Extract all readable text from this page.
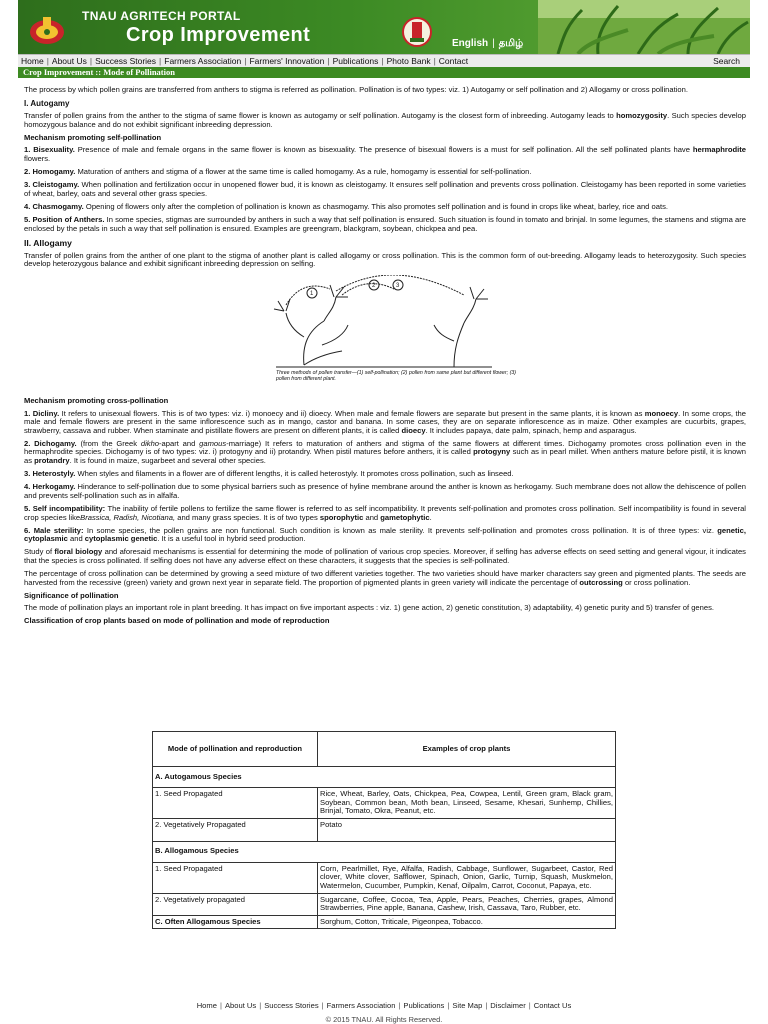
TNAU AGRITECH PORTAL
Crop Improvement	English | தமிழ்
Home | About Us | Success Stories | Farmers Association | Farmers' Innovation | Publications | Photo Bank | Contact	Search
Crop Improvement :: Mode of Pollination

The process by which pollen grains are transferred from anthers to stigma is referred as pollination. Pollination is of two types: viz. 1) Autogamy or self pollination and 2) Allogamy or cross pollination.

I. Autogamy

Transfer of pollen grains from the anther to the stigma of same flower is known as autogamy or self pollination. Autogamy is the closest form of inbreeding. Autogamy leads to homozygosity. Such species develop homozygous balance and do not exhibit significant inbreeding depression.

Mechanism promoting self-pollination

1. Bisexuality. Presence of male and female organs in the same flower is known as bisexuality. The presence of bisexual flowers is a must for self pollination. All the self pollinated plants have hermaphrodite flowers.

2. Homogamy. Maturation of anthers and stigma of a flower at the same time is called homogamy. As a rule, homogamy is essential for self-pollination.

3. Cleistogamy. When pollination and fertilization occur in unopened flower bud, it is known as cleistogamy. It ensures self pollination and prevents cross pollination. Cleistogamy has been reported in some varieties of wheat, barley, oats and several other grass species.

4. Chasmogamy. Opening of flowers only after the completion of pollination is known as chasmogamy. This also promotes self pollination and is found in crops like wheat, barley, rice and oats.

5. Position of Anthers. In some species, stigmas are surrounded by anthers in such a way that self pollination is ensured. Such situation is found in tomato and brinjal. In some legumes, the stamens and stigma are enclosed by the petals in such a way that self pollination is ensured. Examples are greengram, blackgram, soybean, chickpea and pea.

II. Allogamy

Transfer of pollen grains from the anther of one plant to the stigma of another plant is called allogamy or cross pollination. This is the common form of out-breeding. Allogamy leads to heterozygosity. Such species develop heterozygous balance and exhibit significant inbreeding depression on selfing.

1
2	3
Three methods of pollen transfer—(1) self-pollination; (2) pollen from same plant but different flower; (3) pollen from different plant.
Mechanism promoting cross-pollination

1. Dicliny. It refers to unisexual flowers. This is of two types: viz. i) monoecy and ii) dioecy. When male and female flowers are separate but present in the same plants, it is known as monoecy. In some crops, the male and female flowers are present in the same inflorescence such as in mango, castor and banana. In some cases, they are on separate inflorescence as in maize. Other examples are cucurbits, grapes, strawberry, cassava and rubber. When staminate and pistillate flowers are present on different plants, it is called dioecy. It includes papaya, date palm, spinach, hemp and asparagus.

2. Dichogamy. (from the Greek dikho-apart and gamous-marriage) It refers to maturation of anthers and stigma of the same flowers at different times. Dichogamy promotes cross pollination even in the hermaphrodite species. Dichogamy is of two types: viz. i) protogyny and ii) protandry. When pistil matures before anthers, it is called protogyny such as in pearl millet. When anthers mature before pistil, it is known as protandry. It is found in maize, sugarbeet and several other species.

3. Heterostyly. When styles and filaments in a flower are of different lengths, it is called heterostyly. It promotes cross pollination, such as linseed.

4. Herkogamy. Hinderance to self-pollination due to some physical barriers such as presence of hyline membrane around the anther is known as herkogamy. Such membrane does not allow the dehiscence of pollen and prevents self-pollination such as in alfalfa.

5. Self incompatibility: The inability of fertile pollens to fertilize the same flower is referred to as self incompatibility. It prevents self-pollination and promotes cross pollination. Self incompatibility is found in several crop species likeBrassica, Radish, Nicotiana, and many grass species. It is of two types sporophytic and gametophytic.

6. Male sterility: In some species, the pollen grains are non functional. Such condition is known as male sterility. It prevents self-pollination and promotes cross pollination. It is of three types: viz. genetic, cytoplasmic and cytoplasmic genetic. It is a useful tool in hybrid seed production.

Study of floral biology and aforesaid mechanisms is essential for determining the mode of pollination of various crop species. Moreover, if selfing has adverse effects on seed setting and general vigour, it indicates that the species is cross pollinated. If selfing does not have any adverse effect on these characters, it suggests that the species is self-pollinated.

The percentage of cross pollination can be determined by growing a seed mixture of two different varieties together. The two varieties should have marker characters say green and pigmented plants. The seeds are harvested from the recessive (green) variety and grown next year in separate field. The proportion of pigmented plants in green variety will indicate the percentage of outcrossing or cross pollination.

Significance of pollination

The mode of pollination plays an important role in plant breeding. It has impact on five important aspects : viz. 1) gene action, 2) genetic constitution, 3) adaptability, 4) genetic purity and 5) transfer of genes.

Classification of crop plants based on mode of pollination and mode of reproduction
Mode of pollination and reproduction	Examples of crop plants
A. Autogamous Species	
1. Seed Propagated	Rice, Wheat, Barley, Oats, Chickpea, Pea, Cowpea, Lentil, Green gram, Black gram, Soybean, Common bean, Moth bean, Linseed, Sesame, Khesari, Sunhemp, Chillies, Brinjal, Tomato, Okra, Peanut, etc.
2. Vegetatively Propagated	Potato
B. Allogamous Species	
1. Seed Propagated	Corn, Pearlmillet, Rye, Alfalfa, Radish, Cabbage, Sunflower, Sugarbeet, Castor, Red clover, White clover, Safflower, Spinach, Onion, Garlic, Turnip, Squash, Muskmelon, Watermelon, Cucumber, Pumpkin, Kenaf, Oilpalm, Carrot, Coconut, Papaya, etc.
2. Vegetatively propagated	Sugarcane, Coffee, Cocoa, Tea, Apple, Pears, Peaches, Cherries, grapes, Almond Strawberries, Pine apple, Banana, Cashew, Irish, Cassava, Taro, Rubber, etc.
C. Often Allogamous Species	Sorghum, Cotton, Triticale, Pigeonpea, Tobacco.
Home | About Us | Success Stories | Farmers Association | Publications | Site Map | Disclaimer | Contact Us
© 2015 TNAU. All Rights Reserved.
